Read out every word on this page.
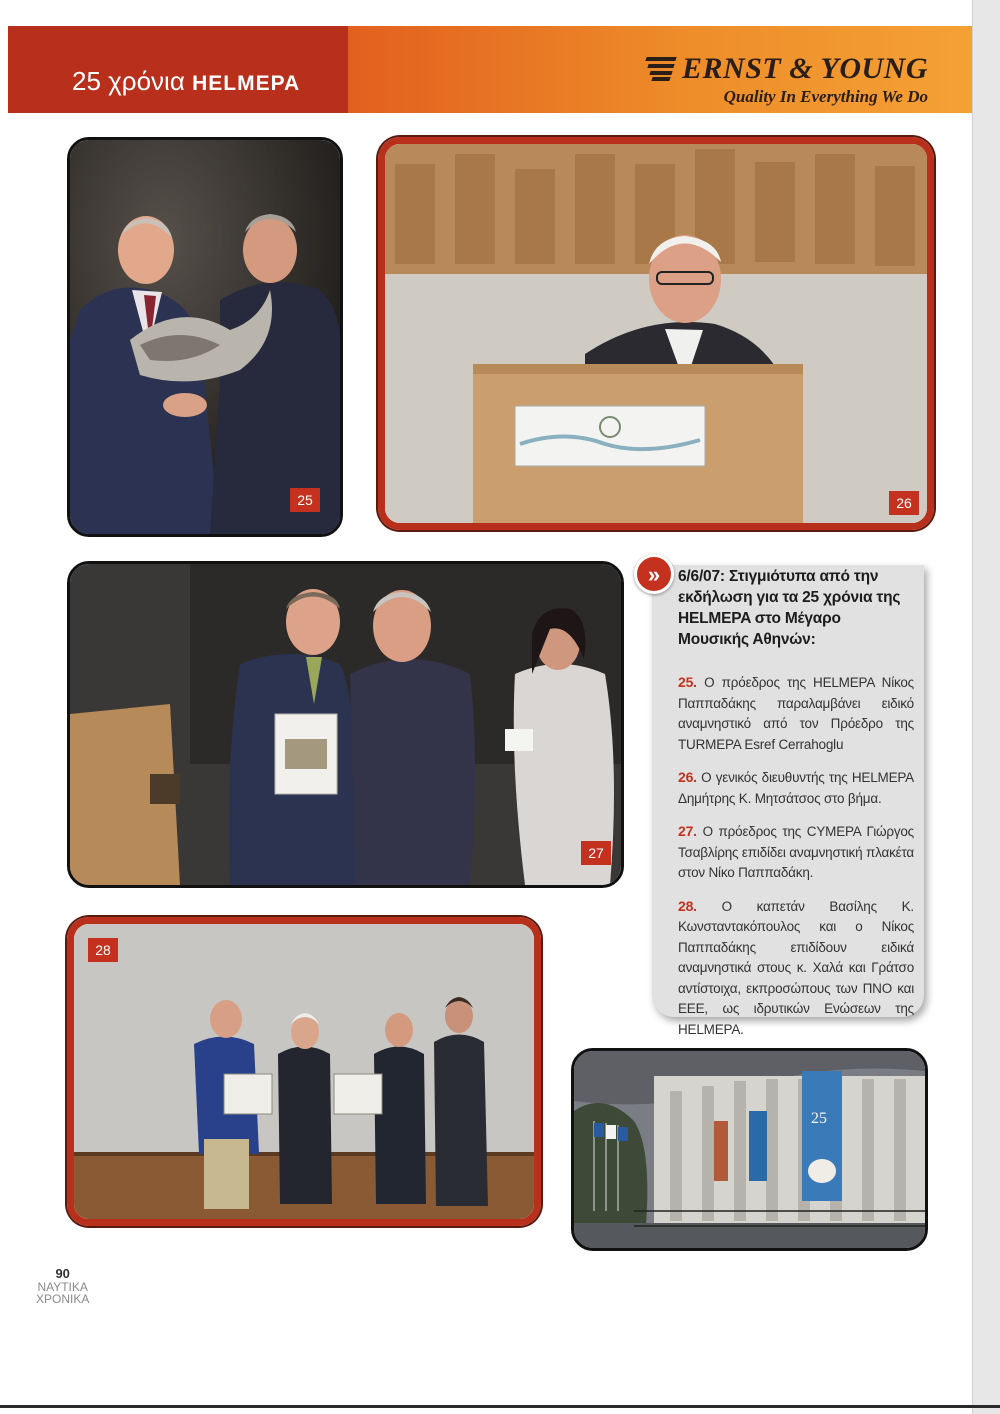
25 χρόνια HELMEPA	ERNST & YOUNG
Quality In Everything We Do
25	26
27
28
25
»	6/6/07: Στιγμιότυπα από την εκδήλωση για τα 25 χρόνια της HELMEPA στο Μέγαρο Μουσικής Αθηνών:
25. Ο πρόεδρος της HELMEPA Νίκος Παππαδάκης παραλαμβάνει ειδικό αναμνηστικό από τον Πρόεδρο της TURMEPA Esref Cerrahoglu
26. Ο γενικός διευθυντής της HELMEPA Δημήτρης Κ. Μητσάτσος στο βήμα.
27. Ο πρόεδρος της CYMEPA Γιώργος Τσαβλίρης επιδίδει αναμνηστική πλακέτα στον Νίκο Παππαδάκη.
28. Ο καπετάν Βασίλης Κ. Κωνσταντακόπουλος και ο Νίκος Παππαδάκης επιδίδουν ειδικά αναμνηστικά στους κ. Χαλά και Γράτσο αντίστοιχα, εκπροσώπους των ΠΝΟ και ΕΕΕ, ως ιδρυτικών Ενώσεων της HELMEPA.
90
ΝΑΥΤΙΚΑ
ΧΡΟΝΙΚΑ
